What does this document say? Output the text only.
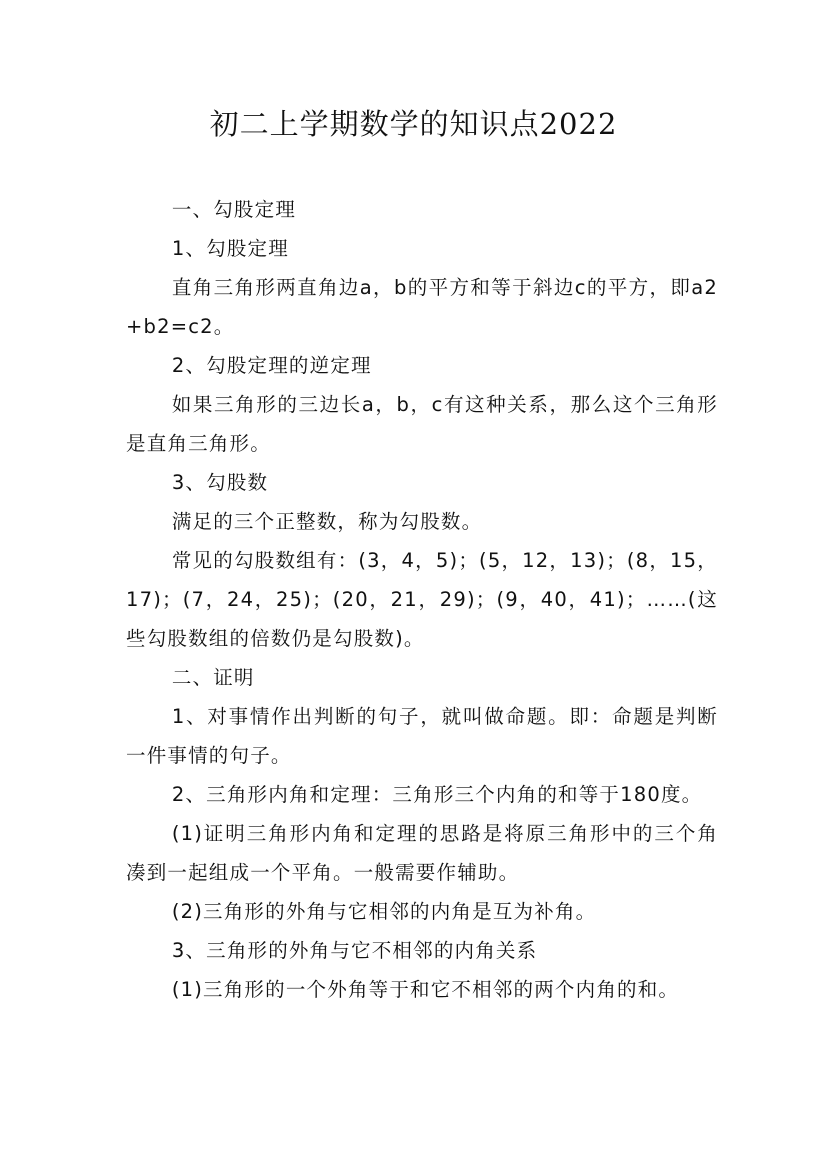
初二上学期数学的知识点2022

一、勾股定理

1、勾股定理

直角三角形两直角边a，b的平方和等于斜边c的平方，即a2+b2=c2。

2、勾股定理的逆定理

如果三角形的三边长a，b，c有这种关系，那么这个三角形是直角三角形。

3、勾股数

满足的三个正整数，称为勾股数。

常见的勾股数组有：(3，4，5)；(5，12，13)；(8，15，17)；(7，24，25)；(20，21，29)；(9，40，41)；……(这些勾股数组的倍数仍是勾股数)。

二、证明

1、对事情作出判断的句子，就叫做命题。即：命题是判断一件事情的句子。

2、三角形内角和定理：三角形三个内角的和等于180度。

(1)证明三角形内角和定理的思路是将原三角形中的三个角凑到一起组成一个平角。一般需要作辅助。

(2)三角形的外角与它相邻的内角是互为补角。

3、三角形的外角与它不相邻的内角关系

(1)三角形的一个外角等于和它不相邻的两个内角的和。
